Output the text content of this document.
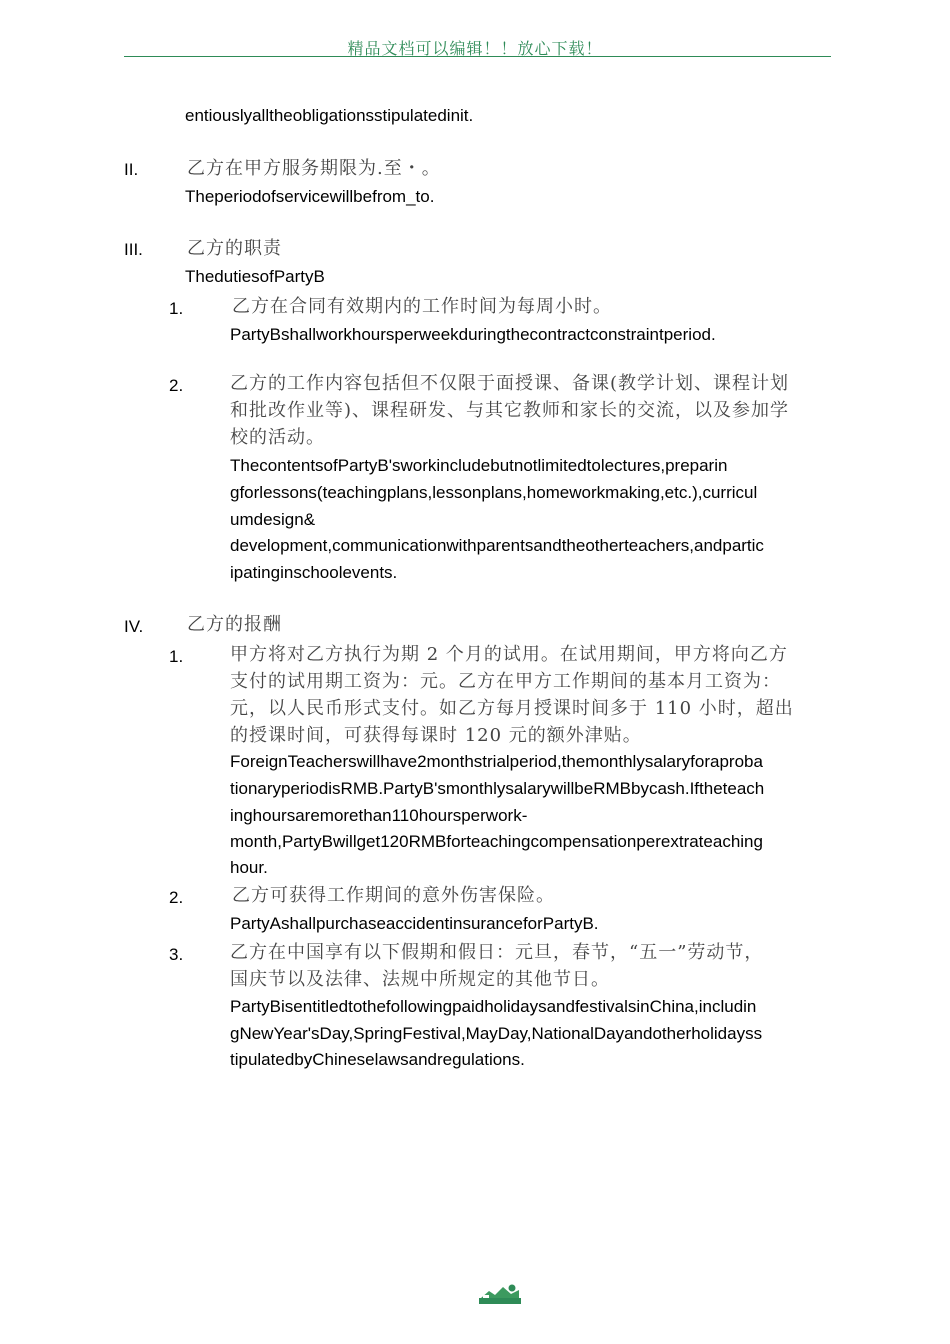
精品文档可以编辑！！放心下载！
entiouslyalltheobligationsstipulatedinit.
II.	乙方在甲方服务期限为.至・。
Theperiodofservicewillbefrom_to.
III. 乙方的职责
ThedutiesofPartyB
1.	乙方在合同有效期内的工作时间为每周小时。
PartyBshallworkhoursperweekduringthecontractconstraintperiod.
2.	乙方的工作内容包括但不仅限于面授课、备课(教学计划、课程计划
和批改作业等)、课程研发、与其它教师和家长的交流，以及参加学
校的活动。
ThecontentsofPartyB'sworkincludebutnotlimitedtolectures,preparin
gforlessons(teachingplans,lessonplans,homeworkmaking,etc.),curricul
umdesign&
development,communicationwithparentsandtheotherteachers,andpartic
ipatinginschoolevents.
IV. 乙方的报酬
1.	甲方将对乙方执行为期 2 个月的试用。在试用期间，甲方将向乙方
支付的试用期工资为：元。乙方在甲方工作期间的基本月工资为：
元，以人民币形式支付。如乙方每月授课时间多于 110 小时，超出
的授课时间，可获得每课时 120 元的额外津贴。
ForeignTeacherswillhave2monthstrialperiod,themonthlysalaryforaproba
tionaryperiodisRMB.PartyB'smonthlysalarywillbeRMBbycash.Iftheteach
inghoursaremorethan110hoursperwork-
month,PartyBwillget120RMBforteachingcompensationperextrateaching
hour.
2.	乙方可获得工作期间的意外伤害保险。
PartyAshallpurchaseaccidentinsuranceforPartyB.
3.	乙方在中国享有以下假期和假日：元旦，春节，“五一”劳动节，
国庆节以及法律、法规中所规定的其他节日。
PartyBisentitledtothefollowingpaidholidaysandfestivalsinChina,includin
gNewYear'sDay,SpringFestival,MayDay,NationalDayandotherholidayss
tipulatedbyChineselawsandregulations.
